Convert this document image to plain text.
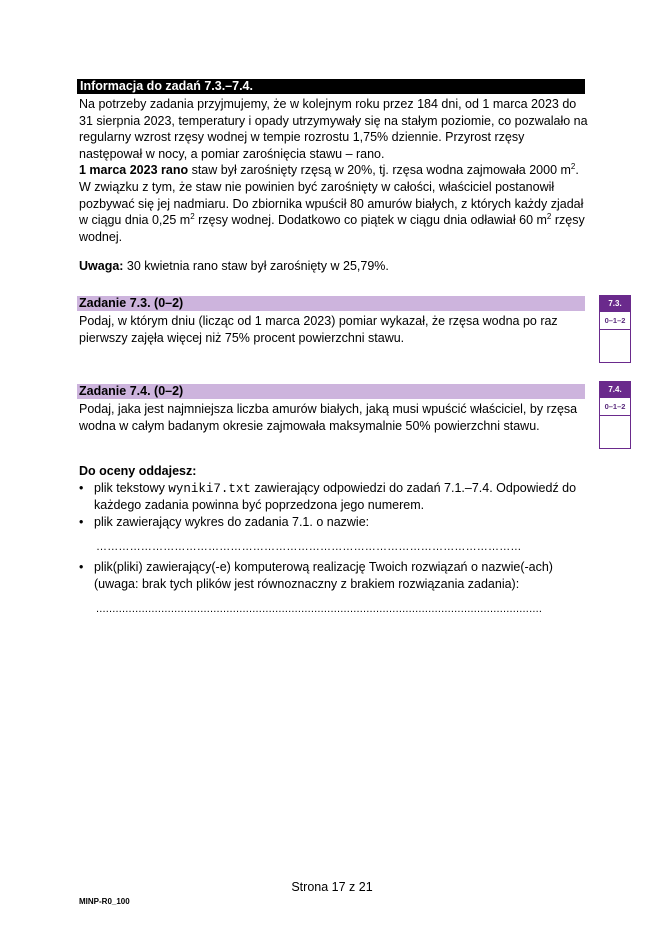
Informacja do zadań 7.3.–7.4.

Na potrzeby zadania przyjmujemy, że w kolejnym roku przez 184 dni, od 1 marca 2023 do 31 sierpnia 2023, temperatury i opady utrzymywały się na stałym poziomie, co pozwalało na regularny wzrost rzęsy wodnej w tempie rozrostu 1,75% dziennie. Przyrost rzęsy następował w nocy, a pomiar zarośnięcia stawu – rano.

1 marca 2023 rano staw był zarośnięty rzęsą w 20%, tj. rzęsa wodna zajmowała 2000 $m^2$. W związku z tym, że staw nie powinien być zarośnięty w całości, właściciel postanowił pozbywać się jej nadmiaru. Do zbiornika wpuścił 80 amurów białych, z których każdy zjadał w ciągu dnia 0,25 $m^2$ rzęsy wodnej. Dodatkowo co piątek w ciągu dnia odławiał 60 $m^2$ rzęsy wodnej.

Uwaga: 30 kwietnia rano staw był zarośnięty w 25,79%.
Zadanie 7.3. (0–2)
Podaj, w którym dniu (licząc od 1 marca 2023) pomiar wykazał, że rzęsa wodna po raz pierwszy zajęła więcej niż 75% procent powierzchni stawu.
7.3.
0–1–2
Zadanie 7.4. (0–2)
Podaj, jaka jest najmniejsza liczba amurów białych, jaką musi wpuścić właściciel, by rzęsa wodna w całym badanym okresie zajmowała maksymalnie 50% powierzchni stawu.
7.4.
0–1–2
Do oceny oddajesz:
• plik tekstowy wyniki7.txt zawierający odpowiedzi do zadań 7.1.–7.4. Odpowiedź do każdego zadania powinna być poprzedzona jego numerem.
• plik zawierający wykres do zadania 7.1. o nazwie:
……………………………………………………………………………………………………
• plik(pliki) zawierający(-e) komputerową realizację Twoich rozwiązań o nazwie(-ach) (uwaga: brak tych plików jest równoznaczny z brakiem rozwiązania zadania):
.........................................................................................................................................
Strona 17 z 21
MINP-R0_100
